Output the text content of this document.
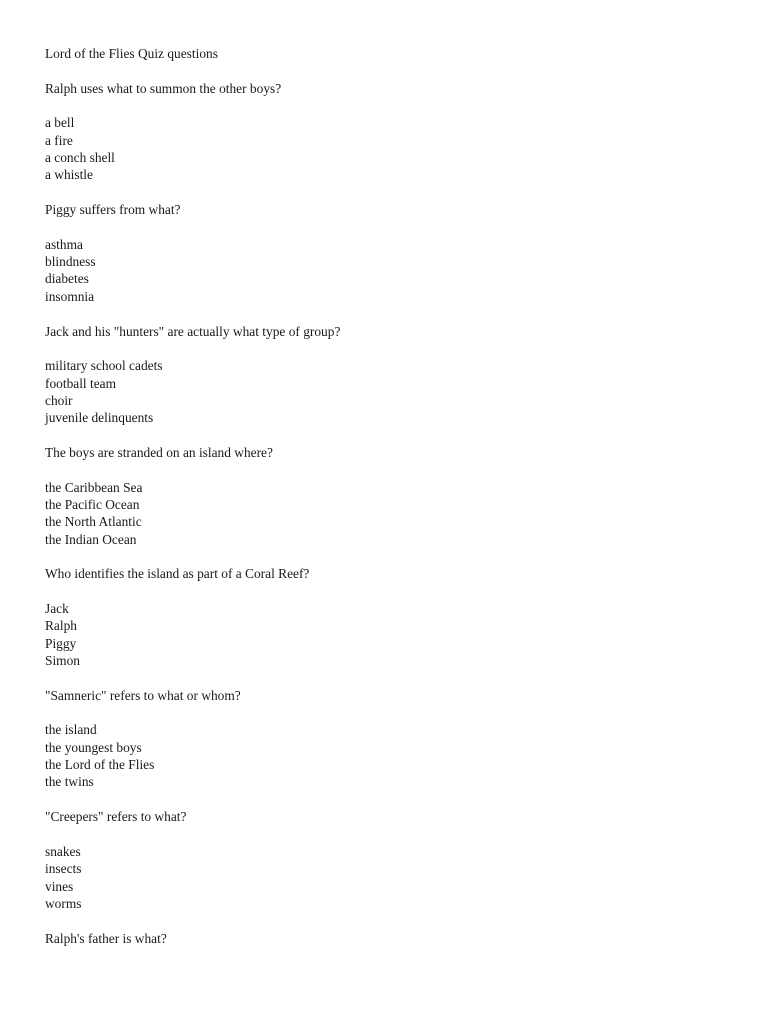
Lord of the Flies Quiz questions
Ralph uses what to summon the other boys?
a bell
a fire
a conch shell
a whistle
Piggy suffers from what?
asthma
blindness
diabetes
insomnia
Jack and his "hunters" are actually what type of group?
military school cadets
football team
choir
juvenile delinquents
The boys are stranded on an island where?
the Caribbean Sea
the Pacific Ocean
the North Atlantic
the Indian Ocean
Who identifies the island as part of a Coral Reef?
Jack
Ralph
Piggy
Simon
"Samneric" refers to what or whom?
the island
the youngest boys
the Lord of the Flies
the twins
"Creepers" refers to what?
snakes
insects
vines
worms
Ralph's father is what?
